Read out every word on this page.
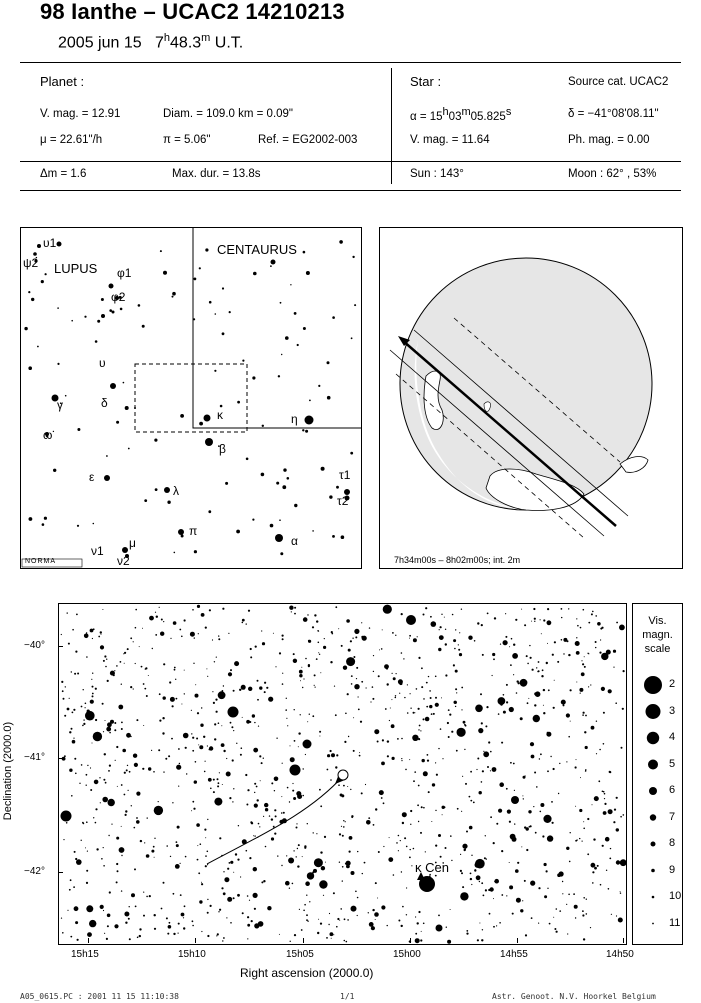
98 Ianthe – UCAC2 14210213
2005 jun 15 7$^h$48.3$^m$ U.T.
Planet :
V. mag. = 12.91	Diam. = 109.0 km = 0.09"
μ = 22.61"/h	π = 5.06"	Ref. = EG2002-003
Star :	Source cat. UCAC2
α = 15h03m05.825s	δ = −41°08'08.11"
V. mag. = 11.64	Ph. mag. = 0.00
Δm = 1.6	Max. dur. = 13.8s	Sun : 143°	Moon : 62° , 53%
LUPUS
CENTAURUS
NORMA
υ1
ψ2
φ1
φ2
υ
γ	δ
ω
κ	η
β
ε
λ
τ1
τ2
π
μ
ν1
ν2
α
7h34m00s – 8h02m00s; int. 2m
κ Cen
−40°
−41°
−42°
Declination (2000.0)
15h15	15h10	15h05	15h00	14h55	14h50
Right ascension (2000.0)
Vis.
magn.
scale
2
3
4
5
6
7
8
9
10
11
A05_0615.PC : 2001 11 15 11:10:38	1/1	Astr. Genoot. N.V. Hoorkel Belgium
